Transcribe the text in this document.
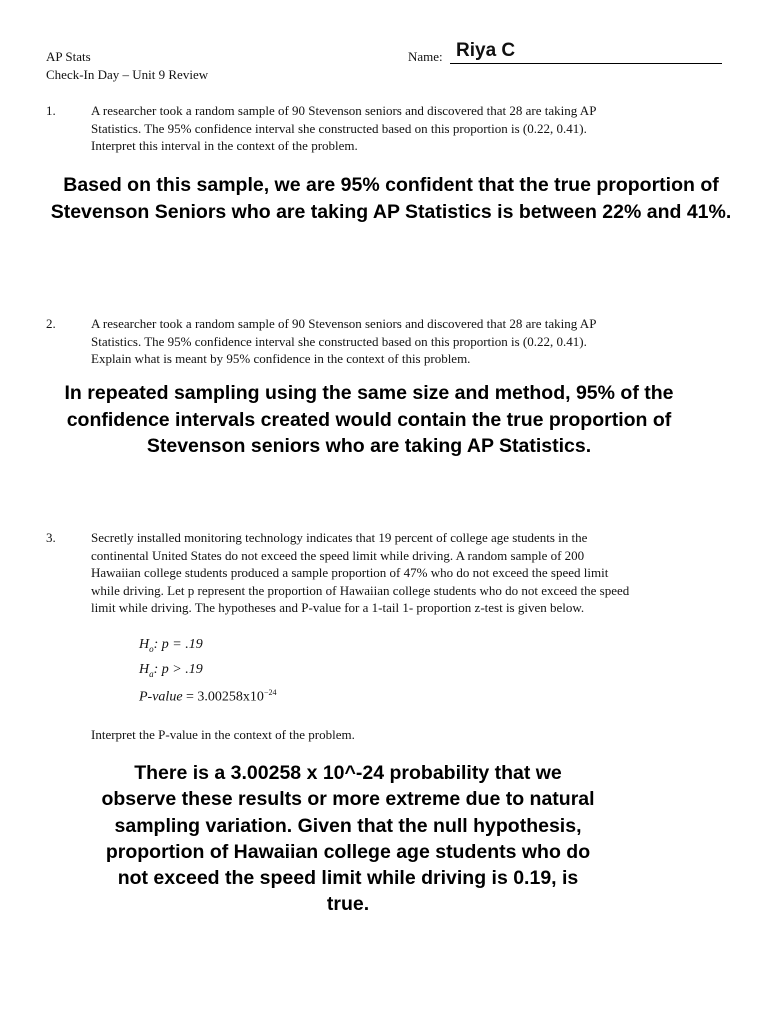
AP Stats
Check-In Day – Unit 9 Review
Name: Riya C
1.	A researcher took a random sample of 90 Stevenson seniors and discovered that 28 are taking AP
Statistics. The 95% confidence interval she constructed based on this proportion is (0.22, 0.41).
Interpret this interval in the context of the problem.
Based on this sample, we are 95% confident that the true proportion of
Stevenson Seniors who are taking AP Statistics is between 22% and 41%.
2.	A researcher took a random sample of 90 Stevenson seniors and discovered that 28 are taking AP
Statistics. The 95% confidence interval she constructed based on this proportion is (0.22, 0.41).
Explain what is meant by 95% confidence in the context of this problem.
In repeated sampling using the same size and method, 95% of the
confidence intervals created would contain the true proportion of
Stevenson seniors who are taking AP Statistics.
3.	Secretly installed monitoring technology indicates that 19 percent of college age students in the
continental United States do not exceed the speed limit while driving. A random sample of 200
Hawaiian college students produced a sample proportion of 47% who do not exceed the speed limit
while driving. Let p represent the proportion of Hawaiian college students who do not exceed the speed
limit while driving. The hypotheses and P-value for a 1-tail 1- proportion z-test is given below.
$H_o$: p = .19
$H_a$: p > .19
P-value = $3.00258x10^{-24}$
Interpret the P-value in the context of the problem.
There is a 3.00258 x 10^-24 probability that we
observe these results or more extreme due to natural
sampling variation. Given that the null hypothesis,
proportion of Hawaiian college age students who do
not exceed the speed limit while driving is 0.19, is
true.
